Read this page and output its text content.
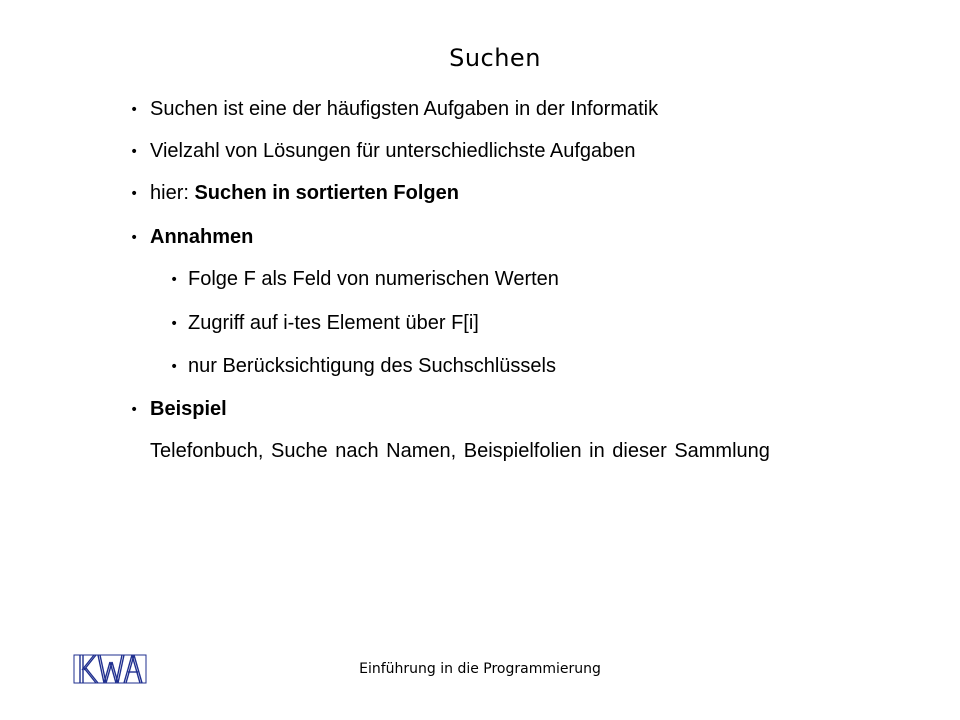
Suchen
• Suchen ist eine der häufigsten Aufgaben in der Informatik
• Vielzahl von Lösungen für unterschiedlichste Aufgaben
• hier: Suchen in sortierten Folgen
• Annahmen
• Folge F als Feld von numerischen Werten
• Zugriff auf i-tes Element über F[i]
• nur Berücksichtigung des Suchschlüssels
• Beispiel
Telefonbuch, Suche nach Namen, Beispielfolien in dieser Sammlung
Einführung in die Programmierung
